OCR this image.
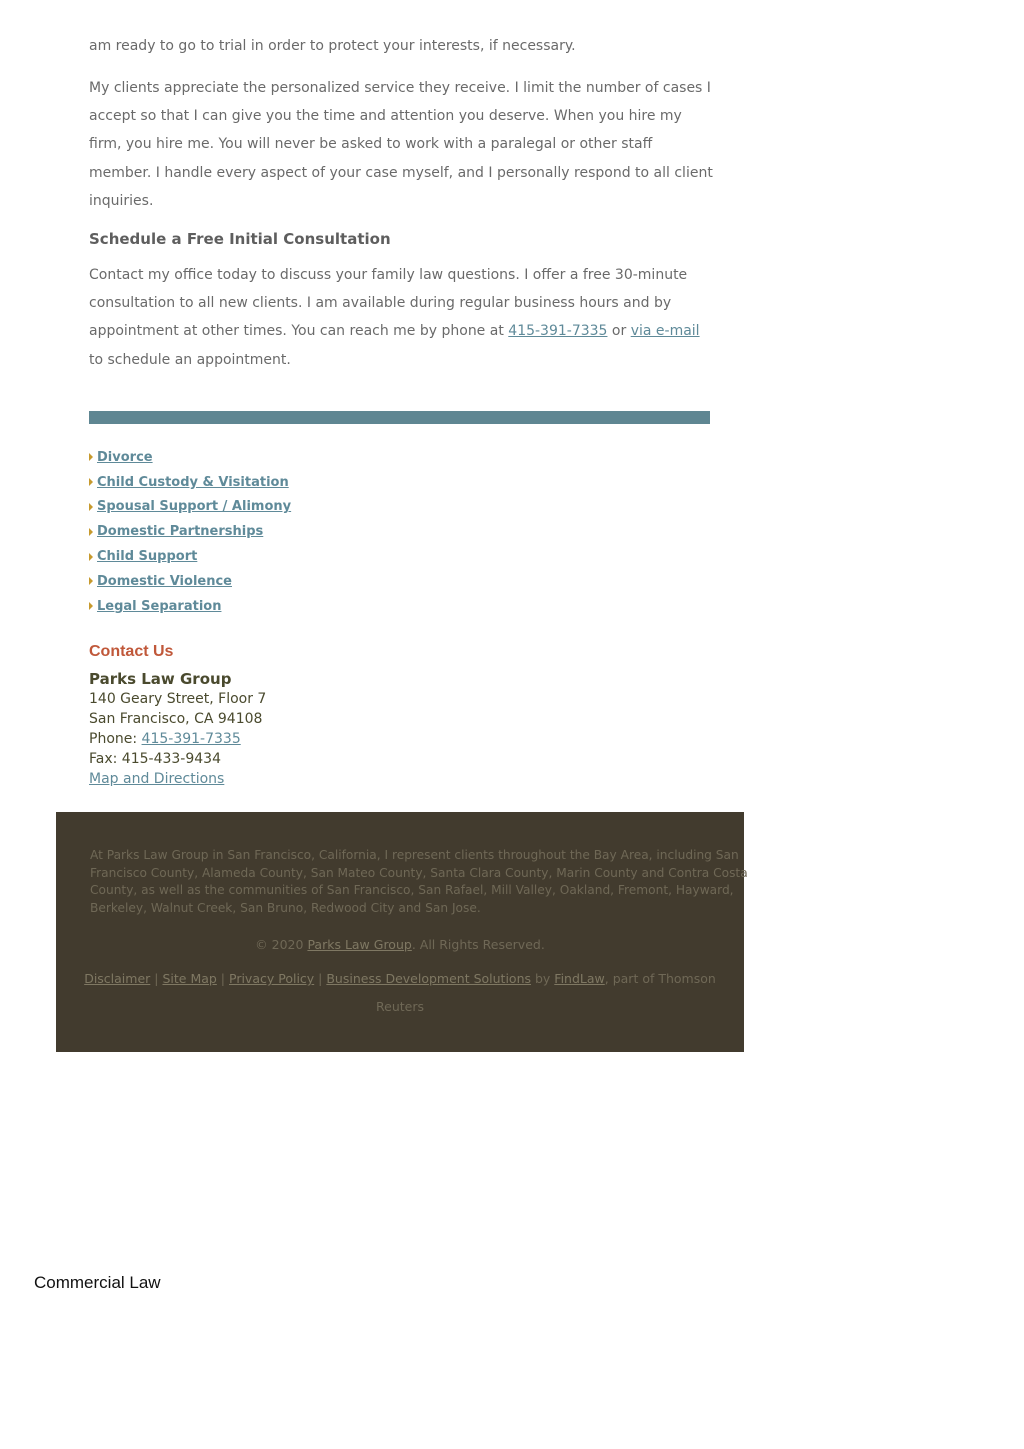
am ready to go to trial in order to protect your interests, if necessary.

My clients appreciate the personalized service they receive. I limit the number of cases I accept so that I can give you the time and attention you deserve. When you hire my firm, you hire me. You will never be asked to work with a paralegal or other staff member. I handle every aspect of your case myself, and I personally respond to all client inquiries.

Schedule a Free Initial Consultation

Contact my office today to discuss your family law questions. I offer a free 30-minute consultation to all new clients. I am available during regular business hours and by appointment at other times. You can reach me by phone at 415-391-7335 or via e-mail to schedule an appointment.

Divorce
Child Custody & Visitation
Spousal Support / Alimony
Domestic Partnerships
Child Support
Domestic Violence
Legal Separation
Contact Us

Parks Law Group

140 Geary Street, Floor 7

San Francisco, CA 94108

Phone: 415-391-7335

Fax: 415-433-9434

Map and Directions

At Parks Law Group in San Francisco, California, I represent clients throughout the Bay Area, including San Francisco County, Alameda County, San Mateo County, Santa Clara County, Marin County and Contra Costa County, as well as the communities of San Francisco, San Rafael, Mill Valley, Oakland, Fremont, Hayward, Berkeley, Walnut Creek, San Bruno, Redwood City and San Jose.

© 2020 Parks Law Group. All Rights Reserved.

Disclaimer | Site Map | Privacy Policy | Business Development Solutions by FindLaw, part of Thomson Reuters

Commercial Law
